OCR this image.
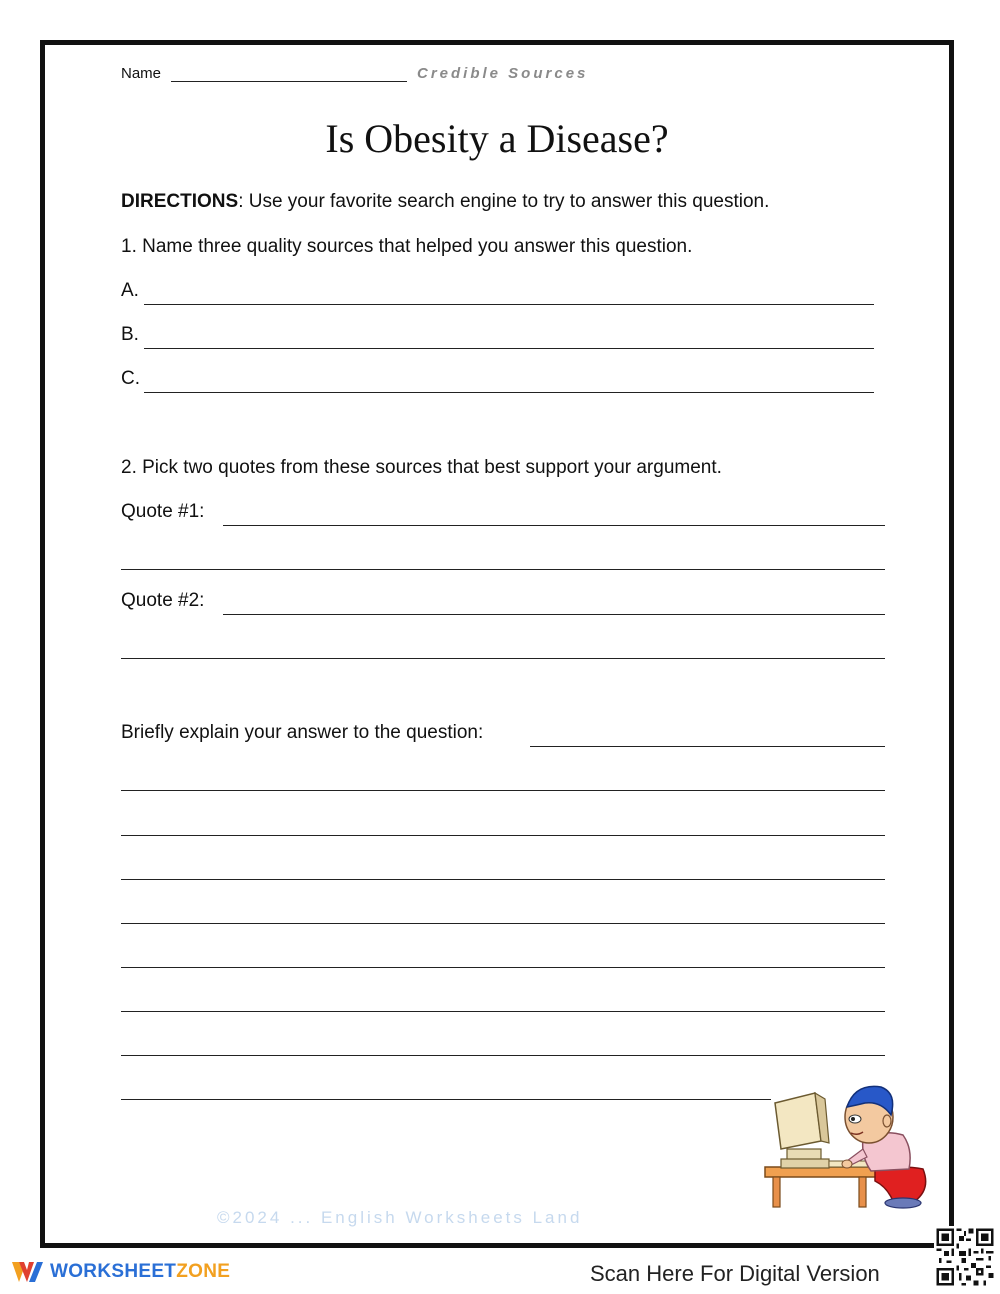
Name	Credible Sources
Is Obesity a Disease?
DIRECTIONS: Use your favorite search engine to try to answer this question.
1. Name three quality sources that helped you answer this question.
A.
B.
C.
2. Pick two quotes from these sources that best support your argument.
Quote #1:
Quote #2:
Briefly explain your answer to the question:
©2024 ... English Worksheets Land
WORKSHEETZONE	Scan Here For Digital Version
